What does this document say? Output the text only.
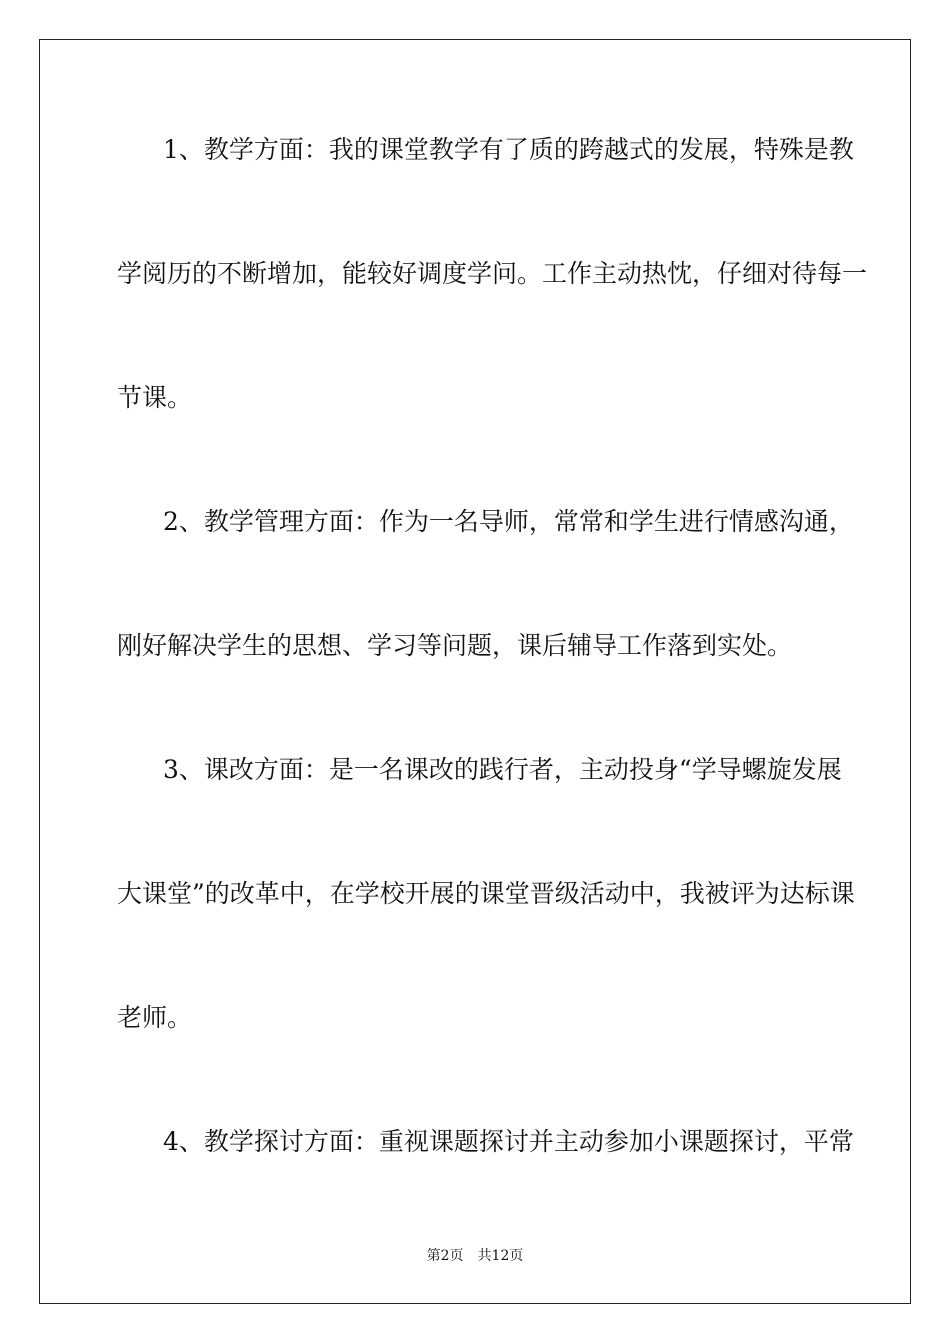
1、教学方面：我的课堂教学有了质的跨越式的发展，特殊是教
学阅历的不断增加，能较好调度学问。工作主动热忱，仔细对待每一
节课。
2、教学管理方面：作为一名导师，常常和学生进行情感沟通，
刚好解决学生的思想、学习等问题，课后辅导工作落到实处。
3、课改方面：是一名课改的践行者，主动投身“学导螺旋发展
大课堂”的改革中，在学校开展的课堂晋级活动中，我被评为达标课
老师。
4、教学探讨方面：重视课题探讨并主动参加小课题探讨，平常
第2页 共12页
